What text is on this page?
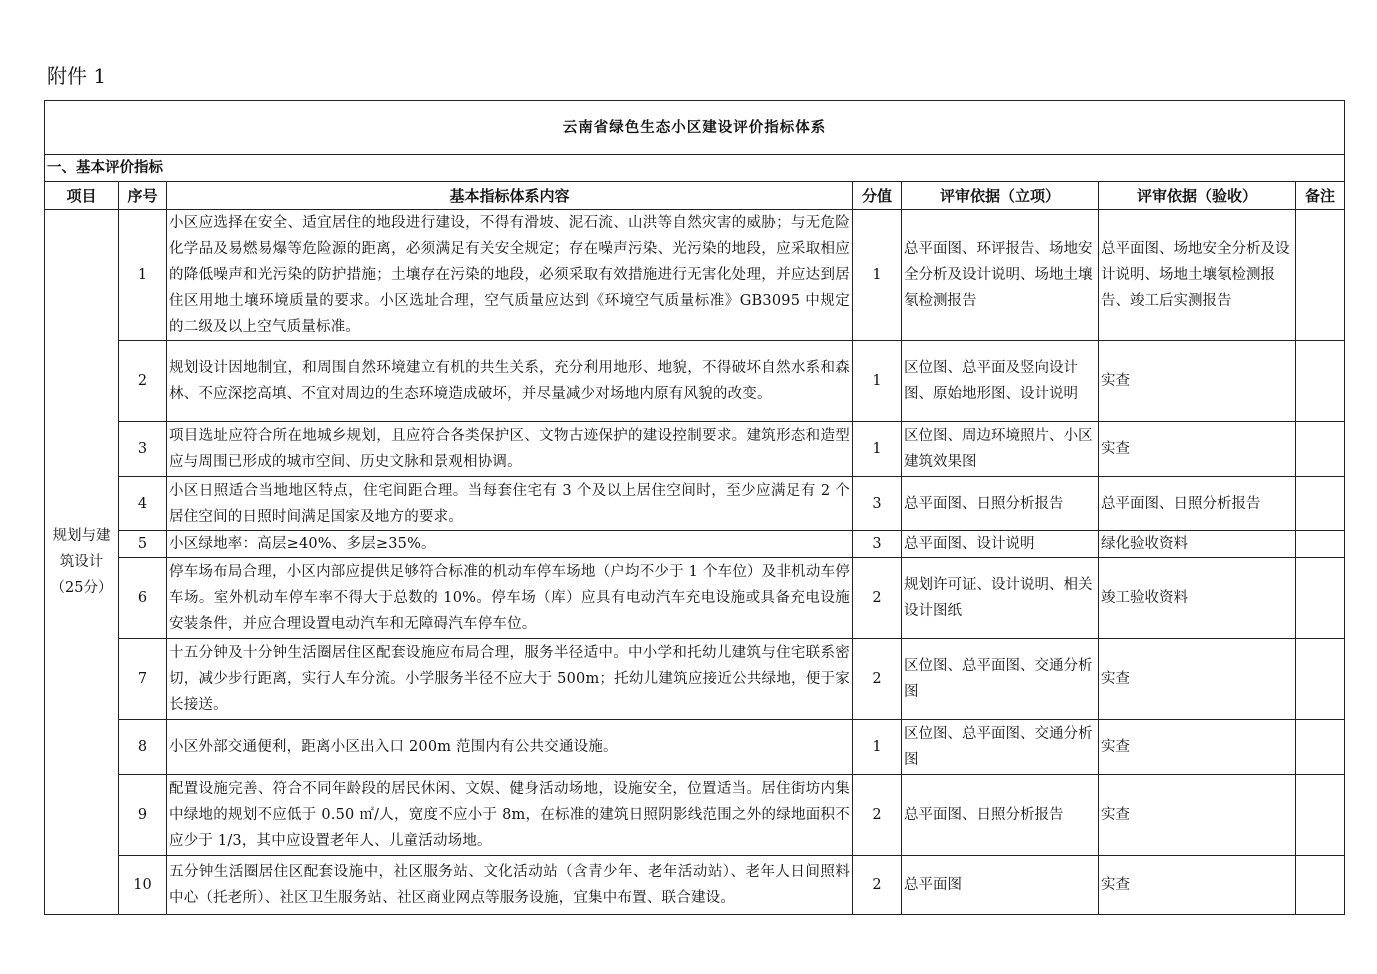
附件 1
云南省绿色生态小区建设评价指标体系						
一、基本评价指标						
项目	序号	基本指标体系内容	分值	评审依据（立项）	评审依据（验收）	备注

规划与建
筑设计
（25分）	1	小区应选择在安全、适宜居住的地段进行建设，不得有滑坡、泥石流、山洪等自然灾害的威胁；与无危险化学品及易燃易爆等危险源的距离，必须满足有关安全规定；存在噪声污染、光污染的地段，应采取相应的降低噪声和光污染的防护措施；土壤存在污染的地段，必须采取有效措施进行无害化处理，并应达到居住区用地土壤环境质量的要求。小区选址合理，空气质量应达到《环境空气质量标准》GB3095 中规定的二级及以上空气质量标准。	1	总平面图、环评报告、场地安全分析及设计说明、场地土壤氡检测报告	总平面图、场地安全分析及设计说明、场地土壤氡检测报告、竣工后实测报告	
	2	规划设计因地制宜，和周围自然环境建立有机的共生关系，充分利用地形、地貌，不得破坏自然水系和森林、不应深挖高填、不宜对周边的生态环境造成破坏，并尽量减少对场地内原有风貌的改变。	1	区位图、总平面及竖向设计图、原始地形图、设计说明	实查	
	3	项目选址应符合所在地城乡规划，且应符合各类保护区、文物古迹保护的建设控制要求。建筑形态和造型应与周围已形成的城市空间、历史文脉和景观相协调。	1	区位图、周边环境照片、小区建筑效果图	实查	
	4	小区日照适合当地地区特点，住宅间距合理。当每套住宅有 3 个及以上居住空间时，至少应满足有 2 个居住空间的日照时间满足国家及地方的要求。	3	总平面图、日照分析报告	总平面图、日照分析报告	
	5	小区绿地率：高层≥40%、多层≥35%。	3	总平面图、设计说明	绿化验收资料	
	6	停车场布局合理，小区内部应提供足够符合标准的机动车停车场地（户均不少于 1 个车位）及非机动车停车场。室外机动车停车率不得大于总数的 10%。停车场（库）应具有电动汽车充电设施或具备充电设施安装条件，并应合理设置电动汽车和无障碍汽车停车位。	2	规划许可证、设计说明、相关设计图纸	竣工验收资料	
	7	十五分钟及十分钟生活圈居住区配套设施应布局合理，服务半径适中。中小学和托幼儿建筑与住宅联系密切，减少步行距离，实行人车分流。小学服务半径不应大于 500m；托幼儿建筑应接近公共绿地，便于家长接送。	2	区位图、总平面图、交通分析图	实查	
	8	小区外部交通便利，距离小区出入口 200m 范围内有公共交通设施。	1	区位图、总平面图、交通分析图	实查	
	9	配置设施完善、符合不同年龄段的居民休闲、文娱、健身活动场地，设施安全，位置适当。居住街坊内集中绿地的规划不应低于 0.50 ㎡/人，宽度不应小于 8m，在标准的建筑日照阴影线范围之外的绿地面积不应少于 1/3，其中应设置老年人、儿童活动场地。	2	总平面图、日照分析报告	实查	
	10	五分钟生活圈居住区配套设施中，社区服务站、文化活动站（含青少年、老年活动站）、老年人日间照料中心（托老所）、社区卫生服务站、社区商业网点等服务设施，宜集中布置、联合建设。	2	总平面图	实查	
